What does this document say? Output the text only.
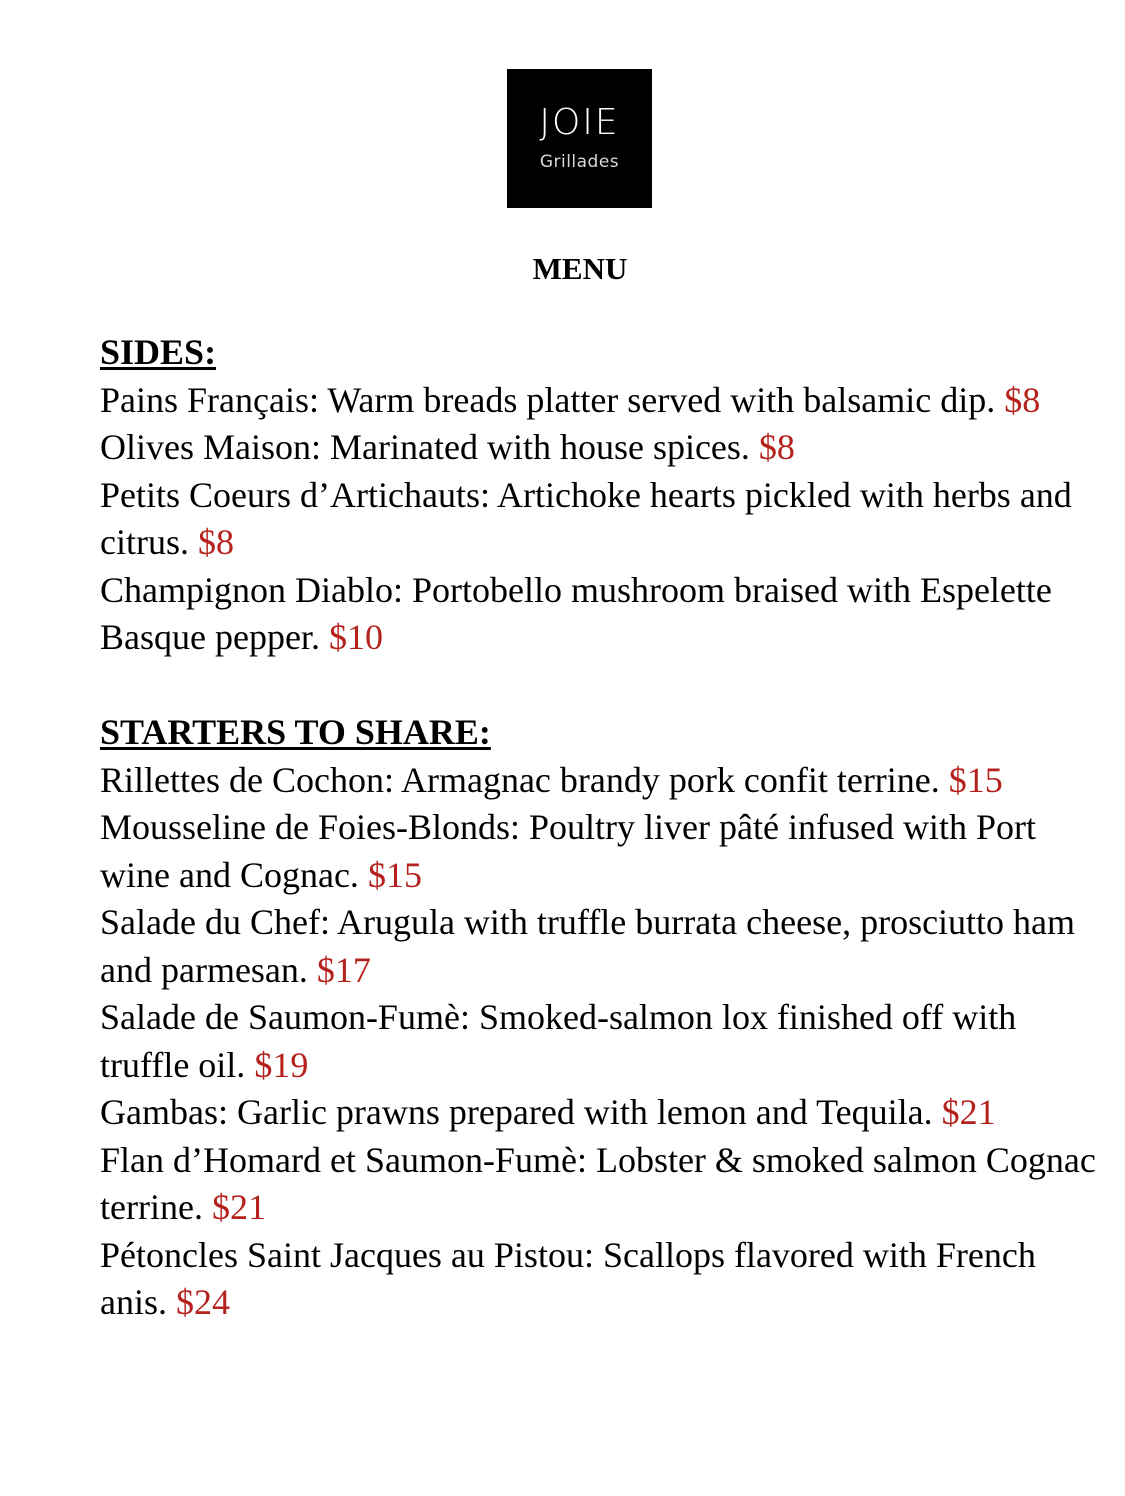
JOIE
Grillades
MENU
SIDES:

Pains Français: Warm breads platter served with balsamic dip. $8

Olives Maison: Marinated with house spices. $8

Petits Coeurs d’Artichauts: Artichoke hearts pickled with herbs and citrus. $8

Champignon Diablo: Portobello mushroom braised with Espelette Basque pepper. $10

STARTERS TO SHARE:

Rillettes de Cochon: Armagnac brandy pork confit terrine. $15

Mousseline de Foies-Blonds: Poultry liver pâté infused with Port wine and Cognac. $15

Salade du Chef: Arugula with truffle burrata cheese, prosciutto ham and parmesan. $17

Salade de Saumon-Fumè: Smoked-salmon lox finished off with truffle oil. $19

Gambas: Garlic prawns prepared with lemon and Tequila. $21

Flan d’Homard et Saumon-Fumè: Lobster & smoked salmon Cognac terrine. $21

Pétoncles Saint Jacques au Pistou: Scallops flavored with French anis. $24
